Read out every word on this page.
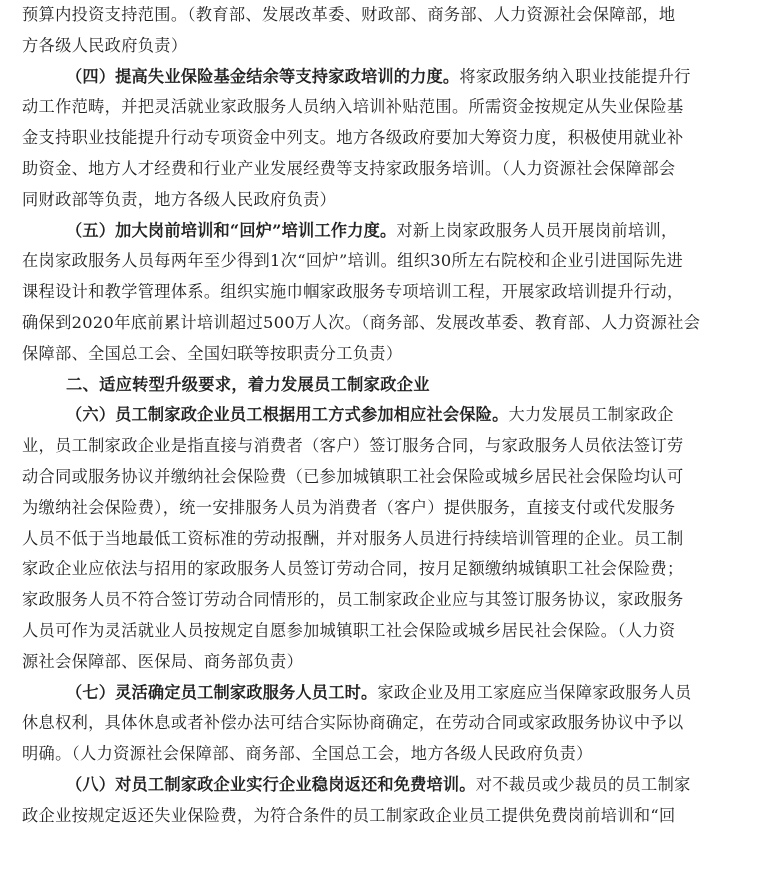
预算内投资支持范围。（教育部、发展改革委、财政部、商务部、人力资源社会保障部，地
方各级人民政府负责）
（四）提高失业保险基金结余等支持家政培训的力度。将家政服务纳入职业技能提升行
动工作范畴，并把灵活就业家政服务人员纳入培训补贴范围。所需资金按规定从失业保险基
金支持职业技能提升行动专项资金中列支。地方各级政府要加大筹资力度，积极使用就业补
助资金、地方人才经费和行业产业发展经费等支持家政服务培训。（人力资源社会保障部会
同财政部等负责，地方各级人民政府负责）
（五）加大岗前培训和“回炉”培训工作力度。对新上岗家政服务人员开展岗前培训，
在岗家政服务人员每两年至少得到1次“回炉”培训。组织30所左右院校和企业引进国际先进
课程设计和教学管理体系。组织实施巾帼家政服务专项培训工程，开展家政培训提升行动，
确保到2020年底前累计培训超过500万人次。（商务部、发展改革委、教育部、人力资源社会
保障部、全国总工会、全国妇联等按职责分工负责）
二、适应转型升级要求，着力发展员工制家政企业
（六）员工制家政企业员工根据用工方式参加相应社会保险。大力发展员工制家政企
业，员工制家政企业是指直接与消费者（客户）签订服务合同，与家政服务人员依法签订劳
动合同或服务协议并缴纳社会保险费（已参加城镇职工社会保险或城乡居民社会保险均认可
为缴纳社会保险费），统一安排服务人员为消费者（客户）提供服务，直接支付或代发服务
人员不低于当地最低工资标准的劳动报酬，并对服务人员进行持续培训管理的企业。员工制
家政企业应依法与招用的家政服务人员签订劳动合同，按月足额缴纳城镇职工社会保险费；
家政服务人员不符合签订劳动合同情形的，员工制家政企业应与其签订服务协议，家政服务
人员可作为灵活就业人员按规定自愿参加城镇职工社会保险或城乡居民社会保险。（人力资
源社会保障部、医保局、商务部负责）
（七）灵活确定员工制家政服务人员工时。家政企业及用工家庭应当保障家政服务人员
休息权利，具体休息或者补偿办法可结合实际协商确定，在劳动合同或家政服务协议中予以
明确。（人力资源社会保障部、商务部、全国总工会，地方各级人民政府负责）
（八）对员工制家政企业实行企业稳岗返还和免费培训。对不裁员或少裁员的员工制家
政企业按规定返还失业保险费，为符合条件的员工制家政企业员工提供免费岗前培训和“回
